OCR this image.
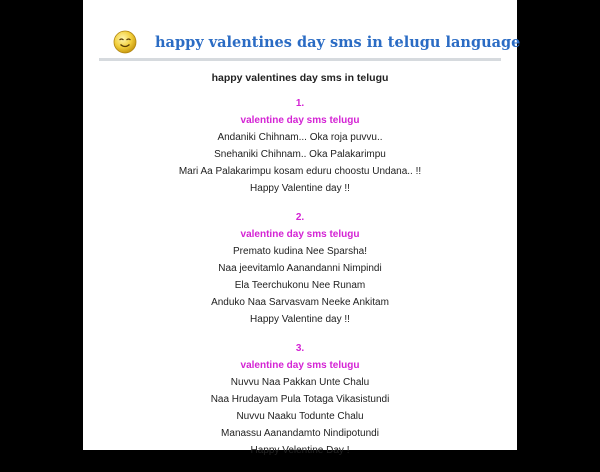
happy valentines day sms in telugu language
happy valentines day sms in telugu
1.
valentine day sms telugu
Andaniki Chihnam... Oka roja puvvu..
Snehaniki Chihnam.. Oka Palakarimpu
Mari Aa Palakarimpu kosam eduru choostu Undana.. !!
Happy Valentine day !!
2.
valentine day sms telugu
Premato kudina Nee Sparsha!
Naa jeevitamlo Aanandanni Nimpindi
Ela Teerchukonu Nee Runam
Anduko Naa Sarvasvam Neeke Ankitam
Happy Valentine day !!
3.
valentine day sms telugu
Nuvvu Naa Pakkan Unte Chalu
Naa Hrudayam Pula Totaga Vikasistundi
Nuvvu Naaku Todunte Chalu
Manassu Aanandamto Nindipotundi
Happy Velentine Day !
